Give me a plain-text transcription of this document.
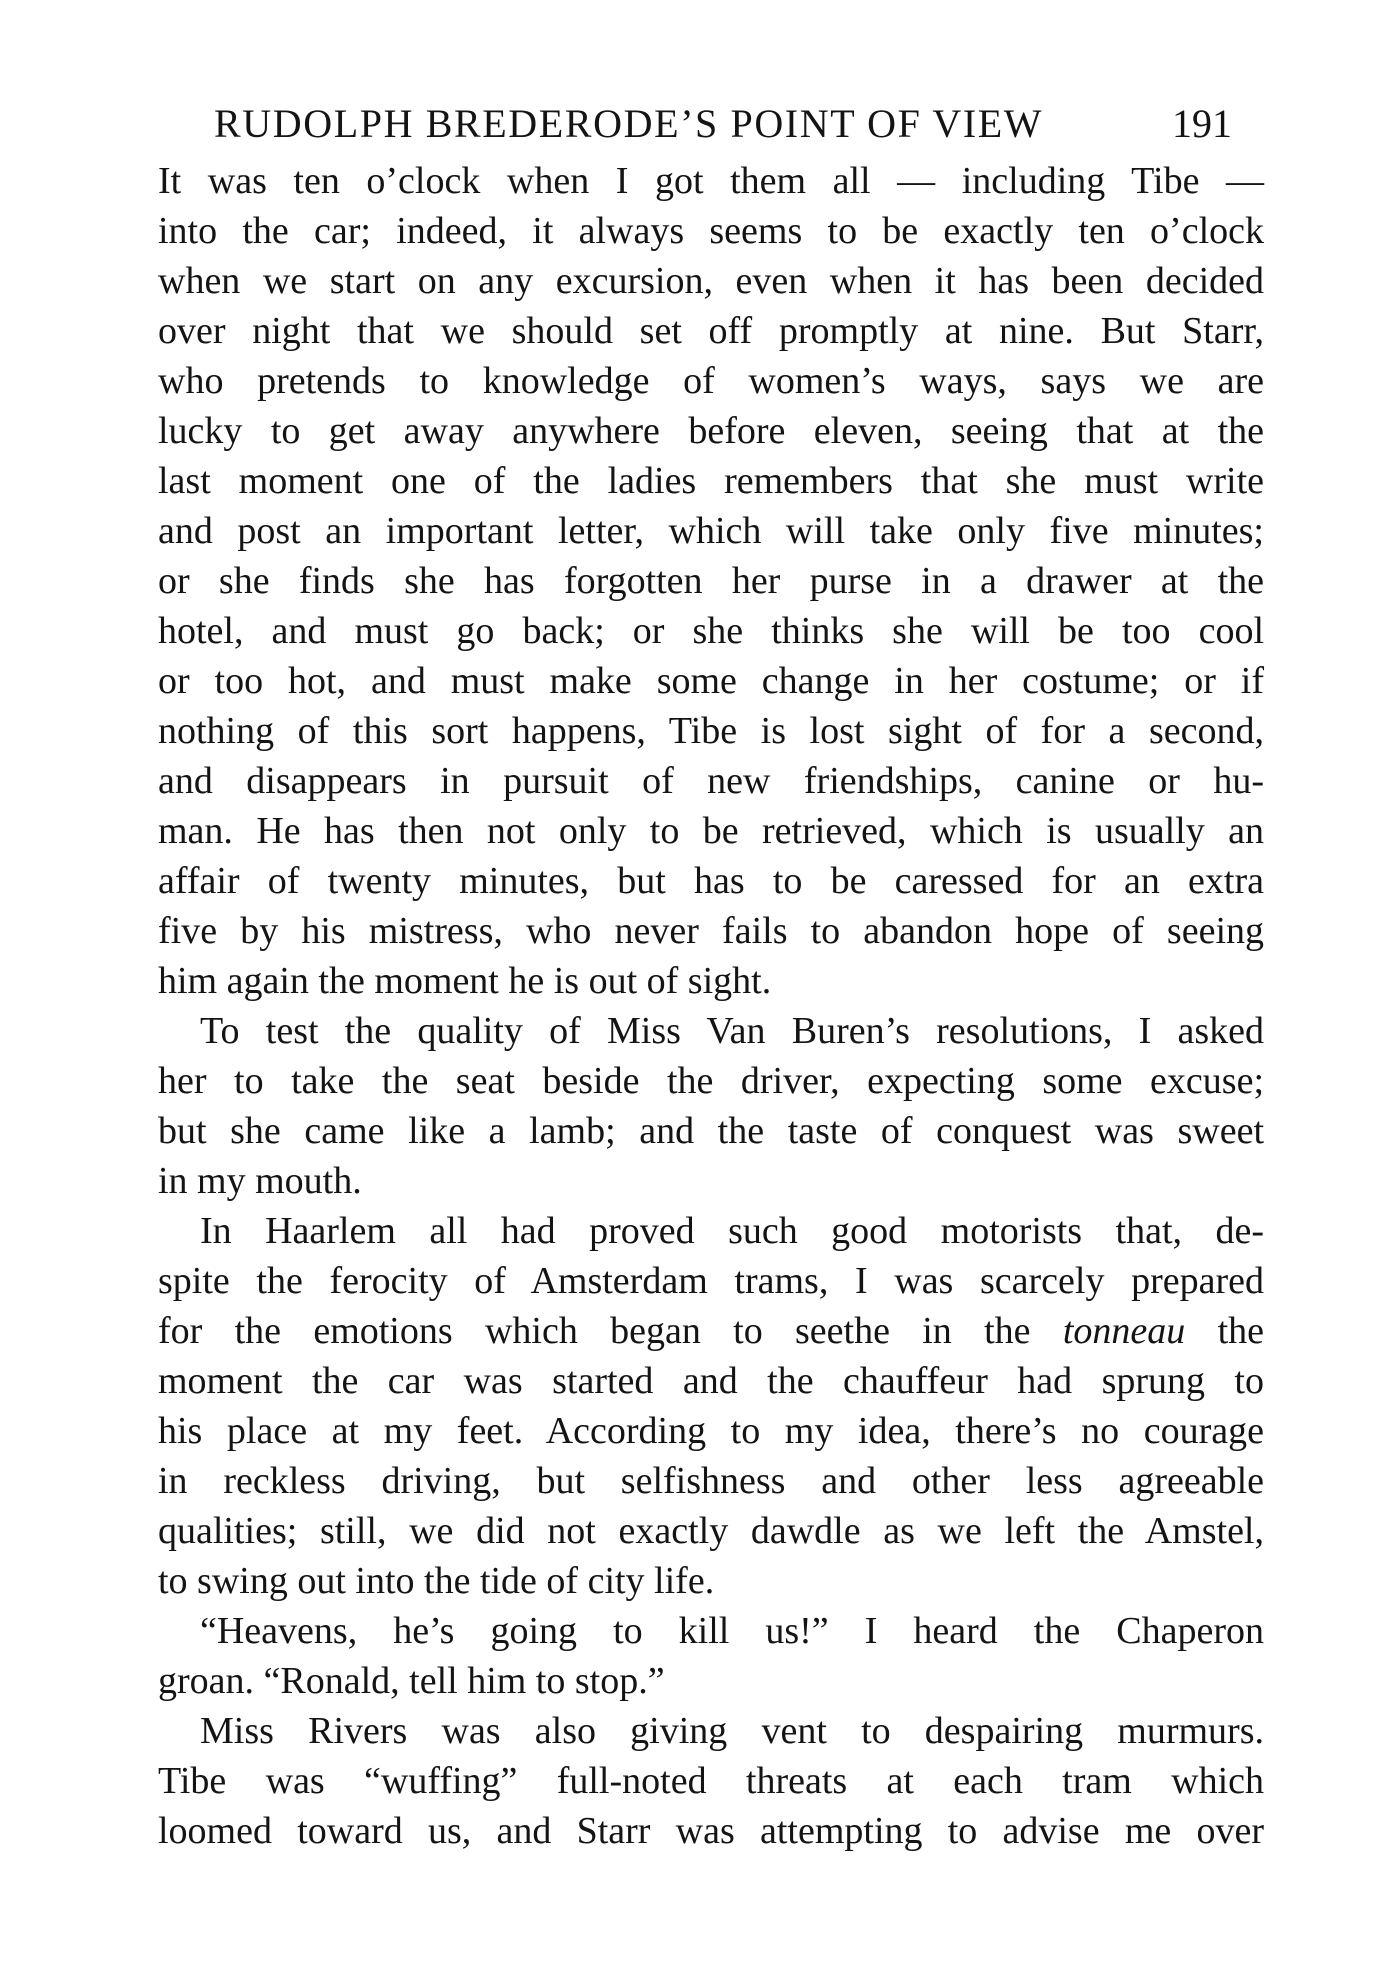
RUDOLPH BREDERODE’S POINT OF VIEW	191
It was ten o’clock when I got them all — including Tibe —
into the car; indeed, it always seems to be exactly ten o’clock
when we start on any excursion, even when it has been decided
over night that we should set off promptly at nine. But Starr,
who pretends to knowledge of women’s ways, says we are
lucky to get away anywhere before eleven, seeing that at the
last moment one of the ladies remembers that she must write
and post an important letter, which will take only five minutes;
or she finds she has forgotten her purse in a drawer at the
hotel, and must go back; or she thinks she will be too cool
or too hot, and must make some change in her costume; or if
nothing of this sort happens, Tibe is lost sight of for a second,
and disappears in pursuit of new friendships, canine or hu-
man. He has then not only to be retrieved, which is usually an
affair of twenty minutes, but has to be caressed for an extra
five by his mistress, who never fails to abandon hope of seeing
him again the moment he is out of sight.
To test the quality of Miss Van Buren’s resolutions, I asked
her to take the seat beside the driver, expecting some excuse;
but she came like a lamb; and the taste of conquest was sweet
in my mouth.
In Haarlem all had proved such good motorists that, de-
spite the ferocity of Amsterdam trams, I was scarcely prepared
for the emotions which began to seethe in the tonneau the
moment the car was started and the chauffeur had sprung to
his place at my feet. According to my idea, there’s no courage
in reckless driving, but selfishness and other less agreeable
qualities; still, we did not exactly dawdle as we left the Amstel,
to swing out into the tide of city life.
“Heavens, he’s going to kill us!” I heard the Chaperon
groan. “Ronald, tell him to stop.”
Miss Rivers was also giving vent to despairing murmurs.
Tibe was “wuffing” full-noted threats at each tram which
loomed toward us, and Starr was attempting to advise me over
